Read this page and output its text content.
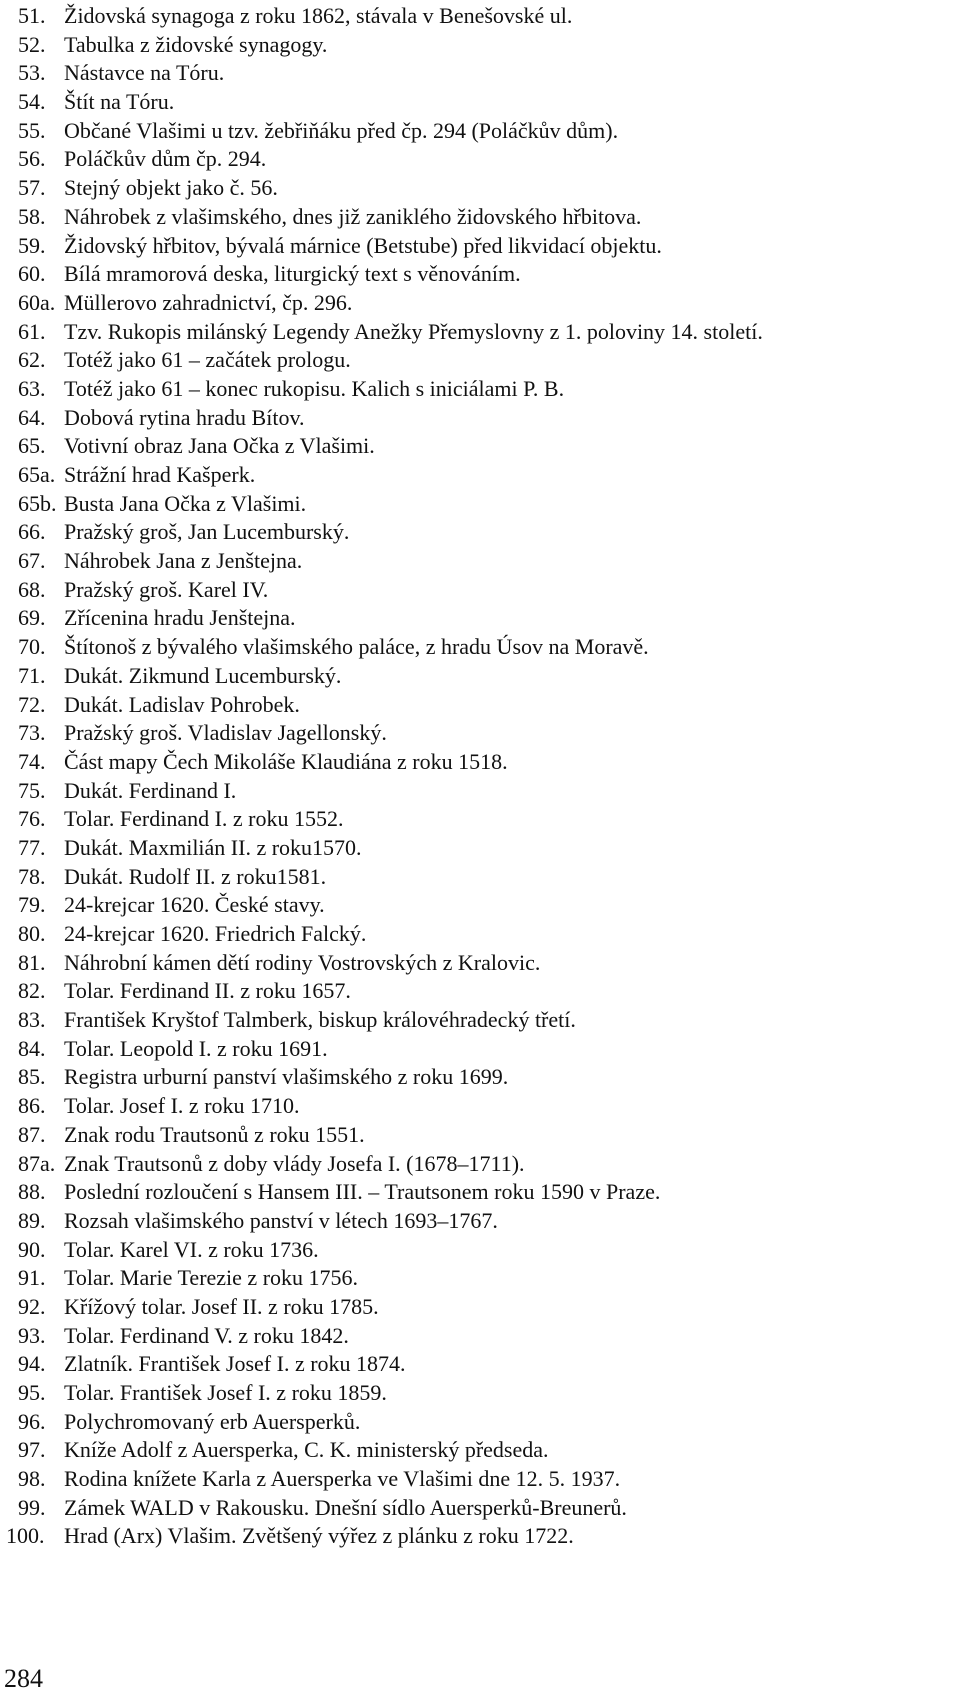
51. Židovská synagoga z roku 1862, stávala v Benešovské ul.
52. Tabulka z židovské synagogy.
53. Nástavce na Tóru.
54. Štít na Tóru.
55. Občané Vlašimi u tzv. žebřiňáku před čp. 294 (Poláčkův dům).
56. Poláčkův dům čp. 294.
57. Stejný objekt jako č. 56.
58. Náhrobek z vlašimského, dnes již zaniklého židovského hřbitova.
59. Židovský hřbitov, bývalá márnice (Betstube) před likvidací objektu.
60. Bílá mramorová deska, liturgický text s věnováním.
60a. Müllerovo zahradnictví, čp. 296.
61. Tzv. Rukopis milánský Legendy Anežky Přemyslovny z 1. poloviny 14. století.
62. Totéž jako 61 – začátek prologu.
63. Totéž jako 61 – konec rukopisu. Kalich s iniciálami P. B.
64. Dobová rytina hradu Bítov.
65. Votivní obraz Jana Očka z Vlašimi.
65a. Strážní hrad Kašperk.
65b. Busta Jana Očka z Vlašimi.
66. Pražský groš, Jan Lucemburský.
67. Náhrobek Jana z Jenštejna.
68. Pražský groš. Karel IV.
69. Zřícenina hradu Jenštejna.
70. Štítonoš z bývalého vlašimského paláce, z hradu Úsov na Moravě.
71. Dukát. Zikmund Lucemburský.
72. Dukát. Ladislav Pohrobek.
73. Pražský groš. Vladislav Jagellonský.
74. Část mapy Čech Mikoláše Klaudiána z roku 1518.
75. Dukát. Ferdinand I.
76. Tolar. Ferdinand I. z roku 1552.
77. Dukát. Maxmilián II. z roku1570.
78. Dukát. Rudolf II. z roku1581.
79. 24-krejcar 1620. České stavy.
80. 24-krejcar 1620. Friedrich Falcký.
81. Náhrobní kámen dětí rodiny Vostrovských z Kralovic.
82. Tolar. Ferdinand II. z roku 1657.
83. František Kryštof Talmberk, biskup královéhradecký třetí.
84. Tolar. Leopold I. z roku 1691.
85. Registra urburní panství vlašimského z roku 1699.
86. Tolar. Josef I. z roku 1710.
87. Znak rodu Trautsonů z roku 1551.
87a. Znak Trautsonů z doby vlády Josefa I. (1678–1711).
88. Poslední rozloučení s Hansem III. – Trautsonem roku 1590 v Praze.
89. Rozsah vlašimského panství v létech 1693–1767.
90. Tolar. Karel VI. z roku 1736.
91. Tolar. Marie Terezie z roku 1756.
92. Křížový tolar. Josef II. z roku 1785.
93. Tolar. Ferdinand V. z roku 1842.
94. Zlatník. František Josef I. z roku 1874.
95. Tolar. František Josef I. z roku 1859.
96. Polychromovaný erb Auersperků.
97. Kníže Adolf z Auersperka, C. K. ministerský předseda.
98. Rodina knížete Karla z Auersperka ve Vlašimi dne 12. 5. 1937.
99. Zámek WALD v Rakousku. Dnešní sídlo Auersperků-Breunerů.
100. Hrad (Arx) Vlašim. Zvětšený výřez z plánku z roku 1722.
284
